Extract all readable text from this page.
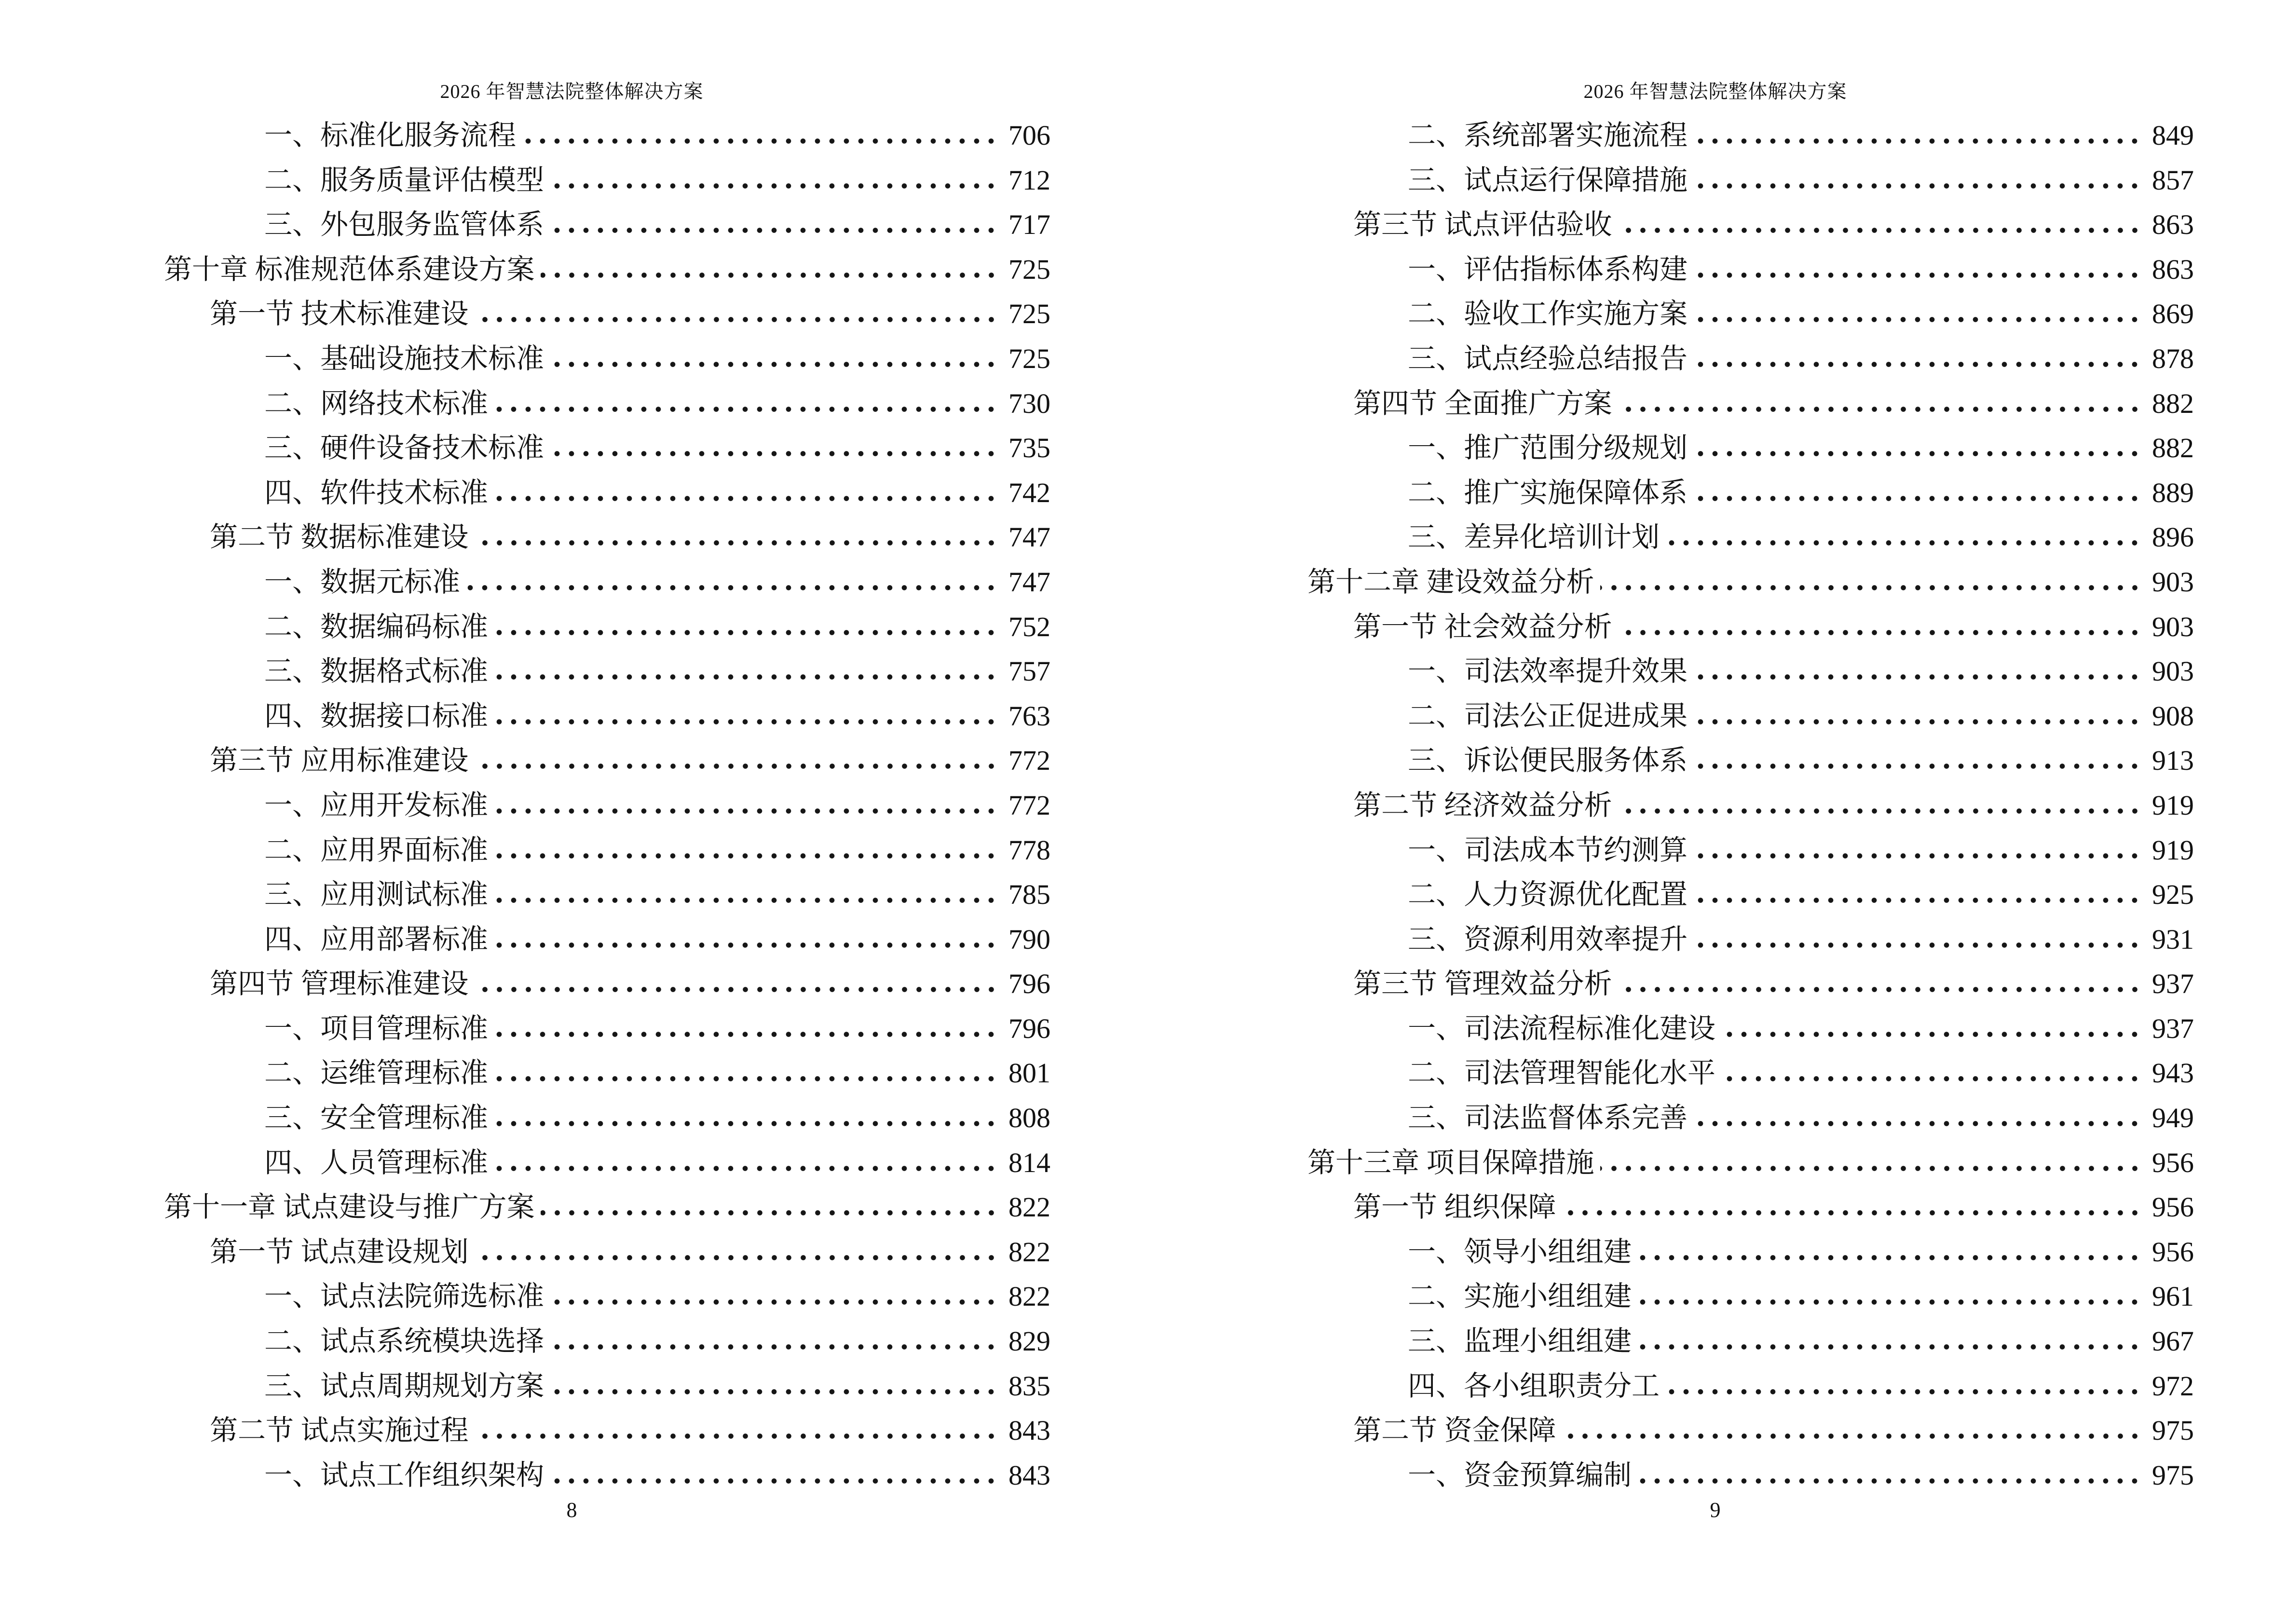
2026 年智慧法院整体解决方案
一、标准化服务流程	706
二、服务质量评估模型	712
三、外包服务监管体系	717
第十章 标准规范体系建设方案	725
第一节 技术标准建设	725
一、基础设施技术标准	725
二、网络技术标准	730
三、硬件设备技术标准	735
四、软件技术标准	742
第二节 数据标准建设	747
一、数据元标准	747
二、数据编码标准	752
三、数据格式标准	757
四、数据接口标准	763
第三节 应用标准建设	772
一、应用开发标准	772
二、应用界面标准	778
三、应用测试标准	785
四、应用部署标准	790
第四节 管理标准建设	796
一、项目管理标准	796
二、运维管理标准	801
三、安全管理标准	808
四、人员管理标准	814
第十一章 试点建设与推广方案	822
第一节 试点建设规划	822
一、试点法院筛选标准	822
二、试点系统模块选择	829
三、试点周期规划方案	835
第二节 试点实施过程	843
一、试点工作组织架构	843
8
2026 年智慧法院整体解决方案
二、系统部署实施流程	849
三、试点运行保障措施	857
第三节 试点评估验收	863
一、评估指标体系构建	863
二、验收工作实施方案	869
三、试点经验总结报告	878
第四节 全面推广方案	882
一、推广范围分级规划	882
二、推广实施保障体系	889
三、差异化培训计划	896
第十二章 建设效益分析	903
第一节 社会效益分析	903
一、司法效率提升效果	903
二、司法公正促进成果	908
三、诉讼便民服务体系	913
第二节 经济效益分析	919
一、司法成本节约测算	919
二、人力资源优化配置	925
三、资源利用效率提升	931
第三节 管理效益分析	937
一、司法流程标准化建设	937
二、司法管理智能化水平	943
三、司法监督体系完善	949
第十三章 项目保障措施	956
第一节 组织保障	956
一、领导小组组建	956
二、实施小组组建	961
三、监理小组组建	967
四、各小组职责分工	972
第二节 资金保障	975
一、资金预算编制	975
9
